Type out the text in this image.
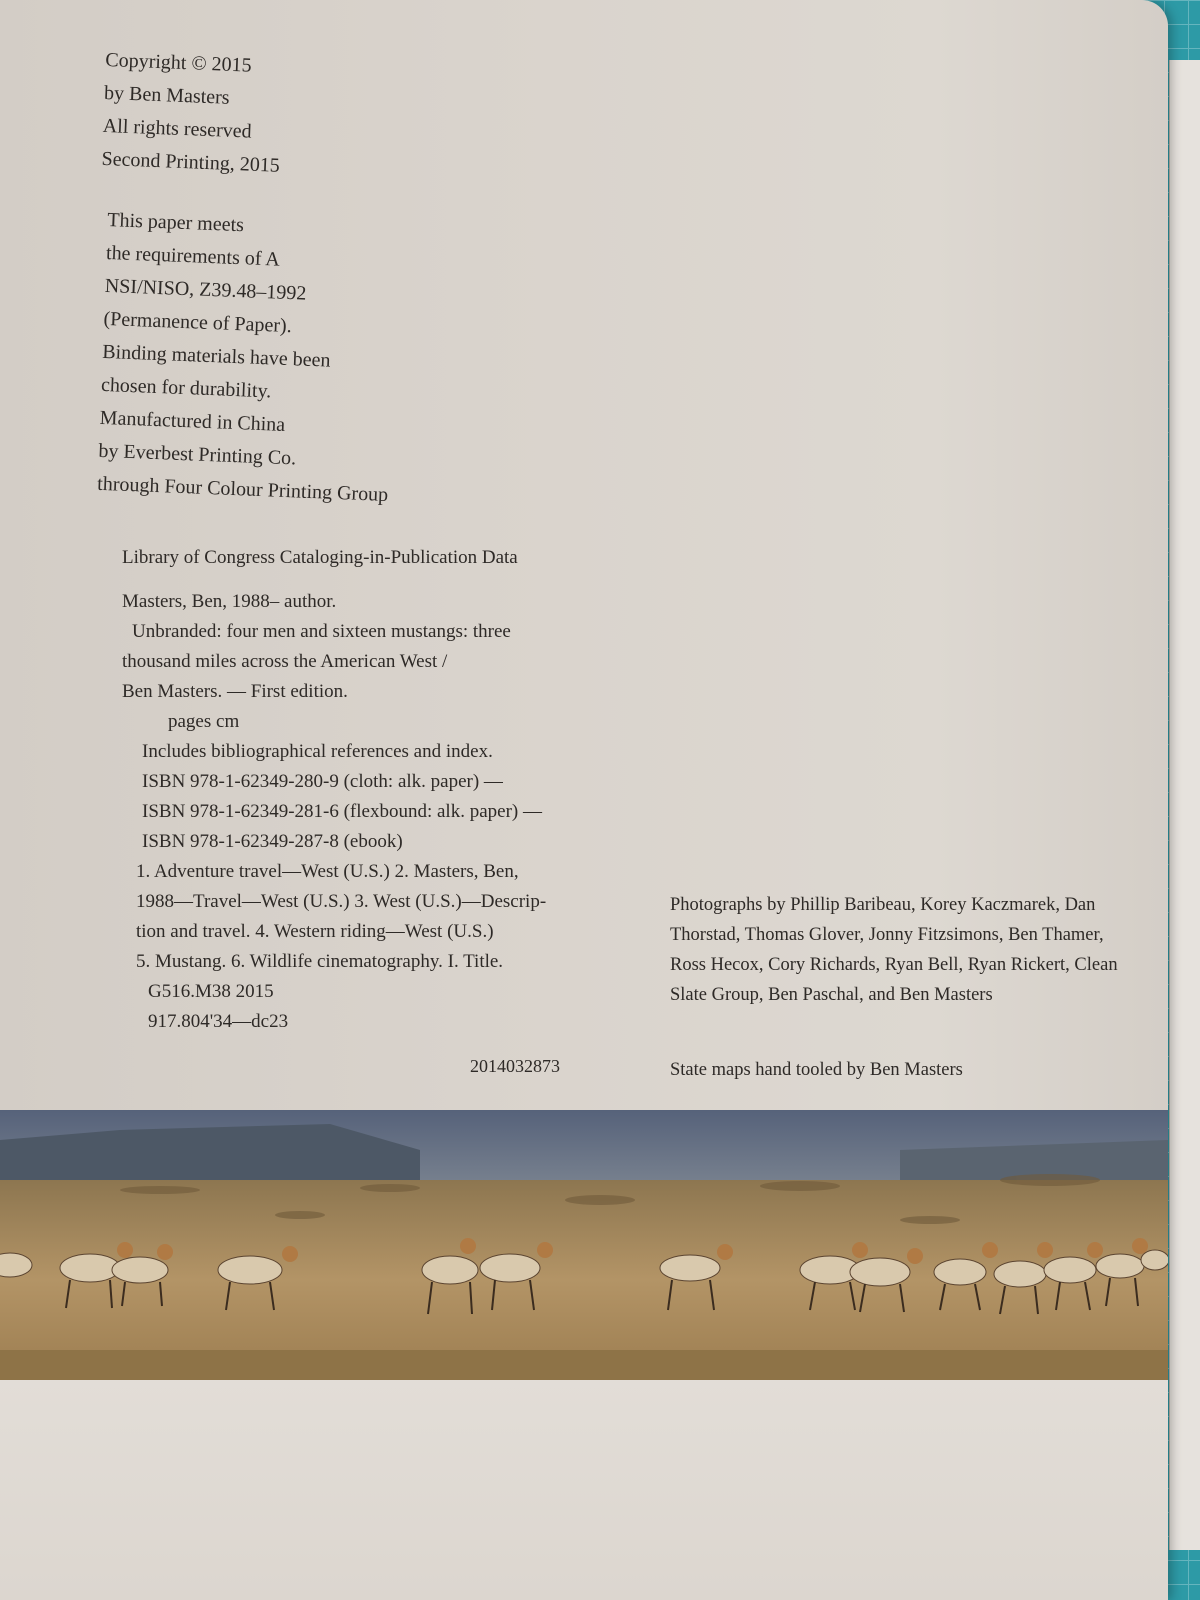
Copyright © 2015
by Ben Masters
All rights reserved
Second Printing, 2015
This paper meets
the requirements of A
NSI/NISO, Z39.48–1992
(Permanence of Paper).
Binding materials have been
chosen for durability.
Manufactured in China
by Everbest Printing Co.
through Four Colour Printing Group
Library of Congress Cataloging-in-Publication Data
Masters, Ben, 1988– author.
Unbranded: four men and sixteen mustangs: three
thousand miles across the American West /
Ben Masters. — First edition.
pages cm
Includes bibliographical references and index.
ISBN 978-1-62349-280-9 (cloth: alk. paper) —
ISBN 978-1-62349-281-6 (flexbound: alk. paper) —
ISBN 978-1-62349-287-8 (ebook)
1. Adventure travel—West (U.S.) 2. Masters, Ben,
1988—Travel—West (U.S.) 3. West (U.S.)—Descrip-
tion and travel. 4. Western riding—West (U.S.)
5. Mustang. 6. Wildlife cinematography. I. Title.
G516.M38 2015
917.804'34—dc23
2014032873

Photographs by Phillip Baribeau, Korey Kaczmarek, Dan Thorstad, Thomas Glover, Jonny Fitzsimons, Ben Thamer, Ross Hecox, Cory Richards, Ryan Bell, Ryan Rickert, Clean Slate Group, Ben Paschal, and Ben Masters

State maps hand tooled by Ben Masters
